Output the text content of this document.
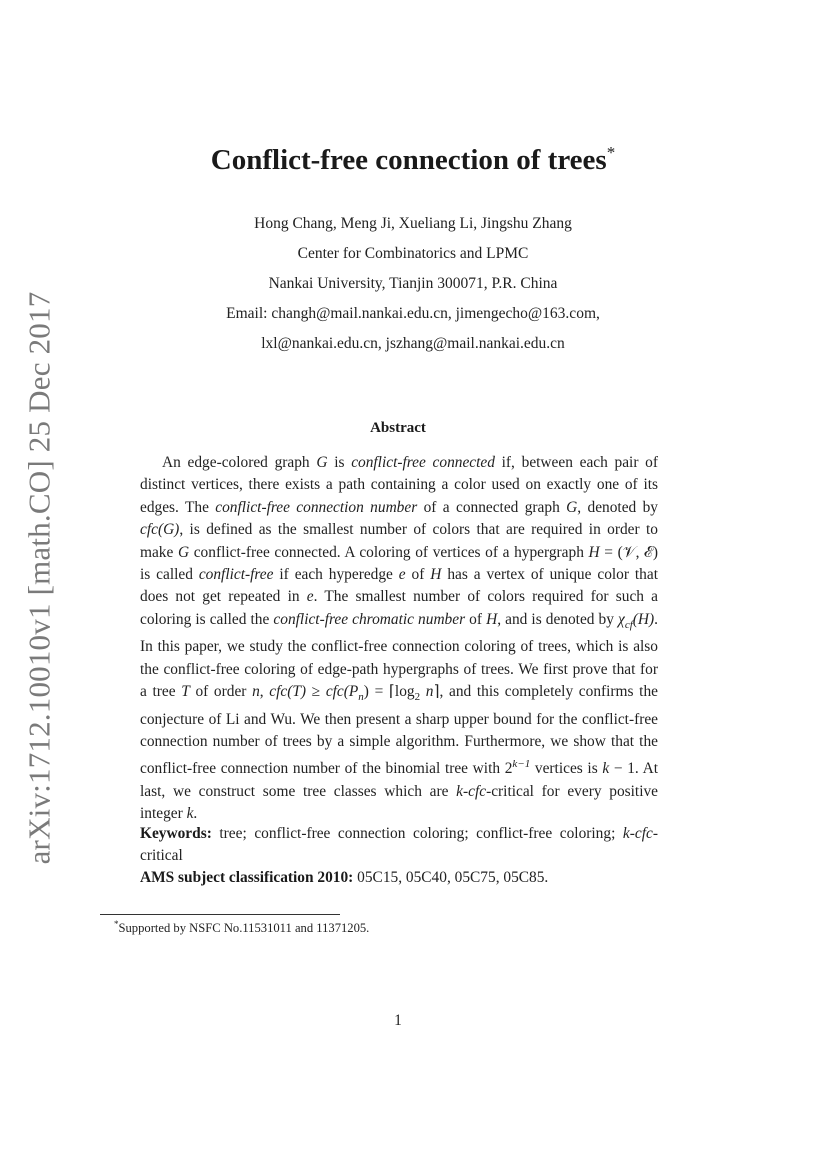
arXiv:1712.10010v1 [math.CO] 25 Dec 2017
Conflict-free connection of trees*
Hong Chang, Meng Ji, Xueliang Li, Jingshu Zhang
Center for Combinatorics and LPMC
Nankai University, Tianjin 300071, P.R. China
Email: changh@mail.nankai.edu.cn, jimengecho@163.com,
lxl@nankai.edu.cn, jszhang@mail.nankai.edu.cn
Abstract

An edge-colored graph G is conflict-free connected if, between each pair of distinct vertices, there exists a path containing a color used on exactly one of its edges. The conflict-free connection number of a connected graph G, denoted by cfc(G), is defined as the smallest number of colors that are required in order to make G conflict-free connected. A coloring of vertices of a hypergraph H = (𝒱, ℰ) is called conflict-free if each hyperedge e of H has a vertex of unique color that does not get repeated in e. The smallest number of colors required for such a coloring is called the conflict-free chromatic number of H, and is denoted by $\chi_{cf}(H)$. In this paper, we study the conflict-free connection coloring of trees, which is also the conflict-free coloring of edge-path hypergraphs of trees. We first prove that for a tree T of order n, $cfc(T) \ge cfc(P_n)$ = $⌈\log_2$ n⌉, and this completely confirms the conjecture of Li and Wu. We then present a sharp upper bound for the conflict-free connection number of trees by a simple algorithm. Furthermore, we show that the conflict-free connection number of the binomial tree with $2^{k-1}$ vertices is k − 1. At last, we construct some tree classes which are k-cfc-critical for every positive integer k.

Keywords: tree; conflict-free connection coloring; conflict-free coloring; k-cfc-critical
AMS subject classification 2010: 05C15, 05C40, 05C75, 05C85.
*Supported by NSFC No.11531011 and 11371205.
1
